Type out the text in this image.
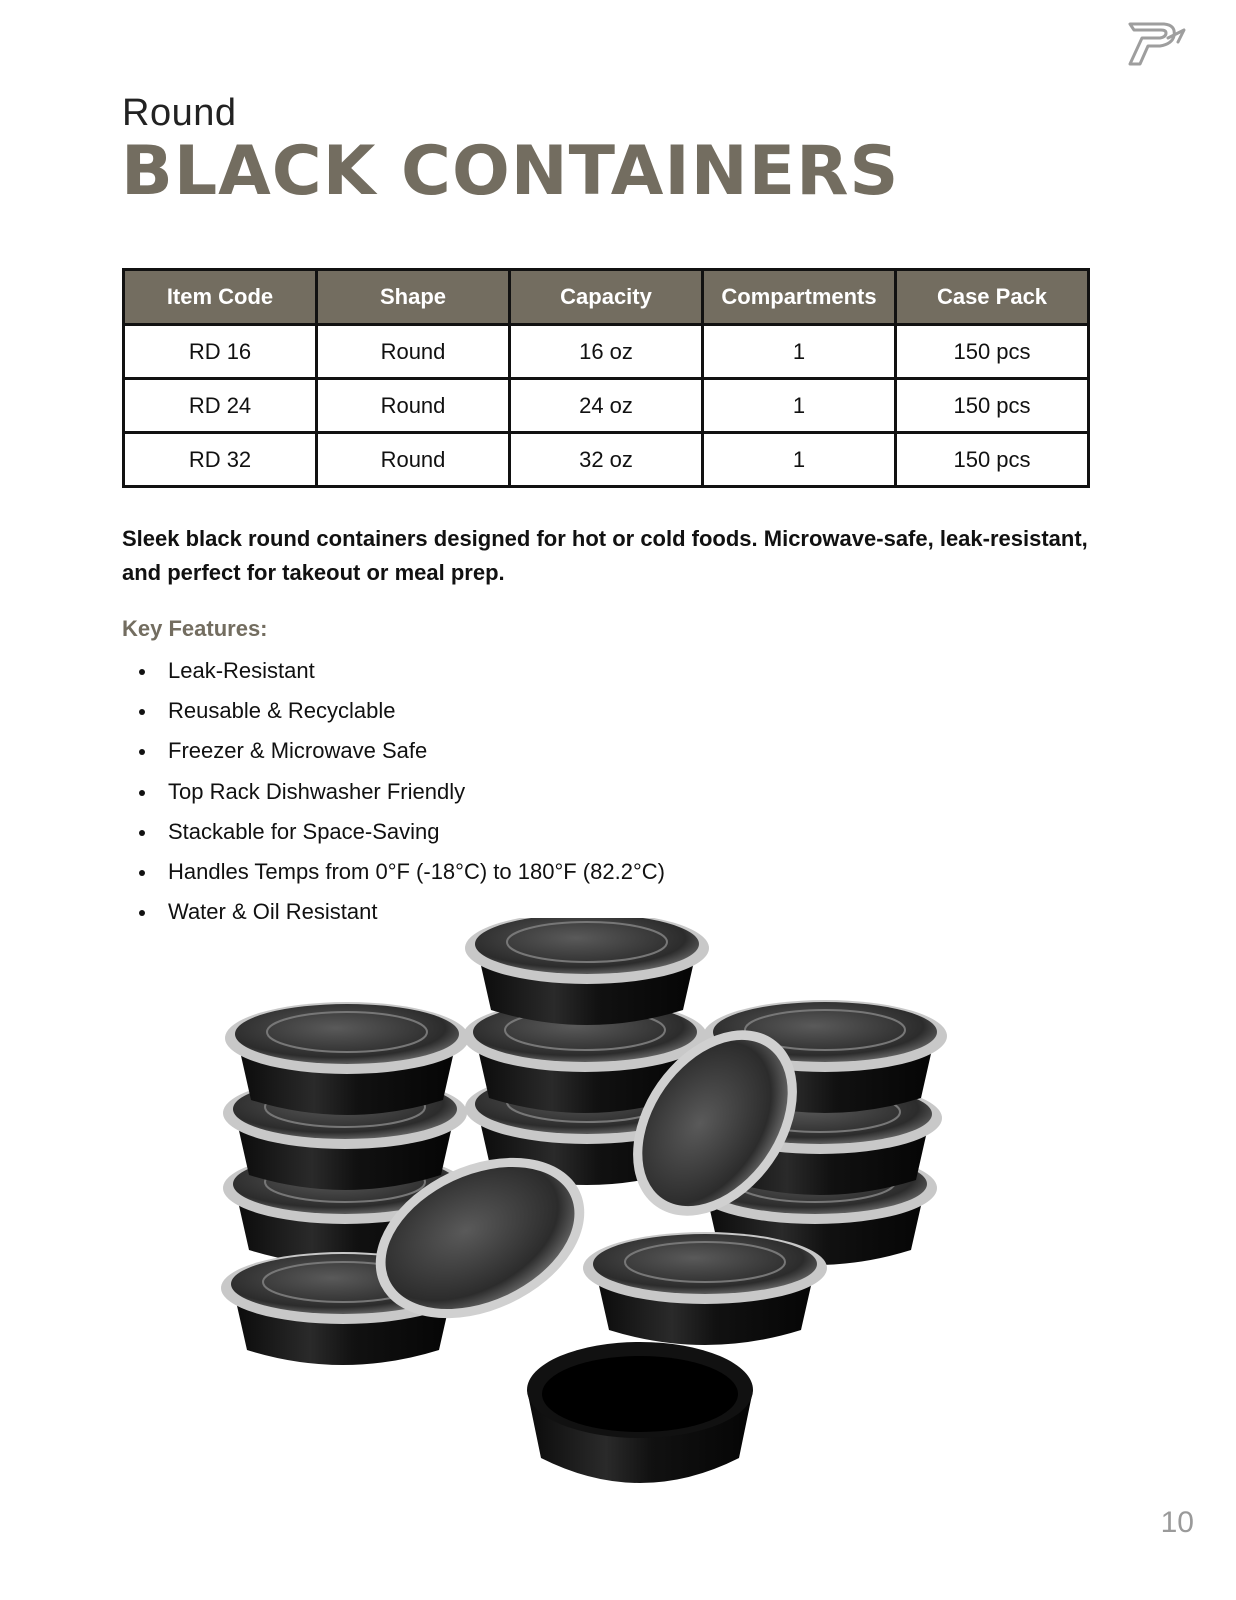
Round
BLACK CONTAINERS
Item Code	Shape	Capacity	Compartments	Case Pack
RD 16	Round	16 oz	1	150 pcs
RD 24	Round	24 oz	1	150 pcs
RD 32	Round	32 oz	1	150 pcs
Sleek black round containers designed for hot or cold foods. Microwave-safe, leak-resistant, and perfect for takeout or meal prep.
Key Features:
Leak-Resistant
Reusable & Recyclable
Freezer & Microwave Safe
Top Rack Dishwasher Friendly
Stackable for Space-Saving
Handles Temps from 0°F (-18°C) to 180°F (82.2°C)
Water & Oil Resistant
10
